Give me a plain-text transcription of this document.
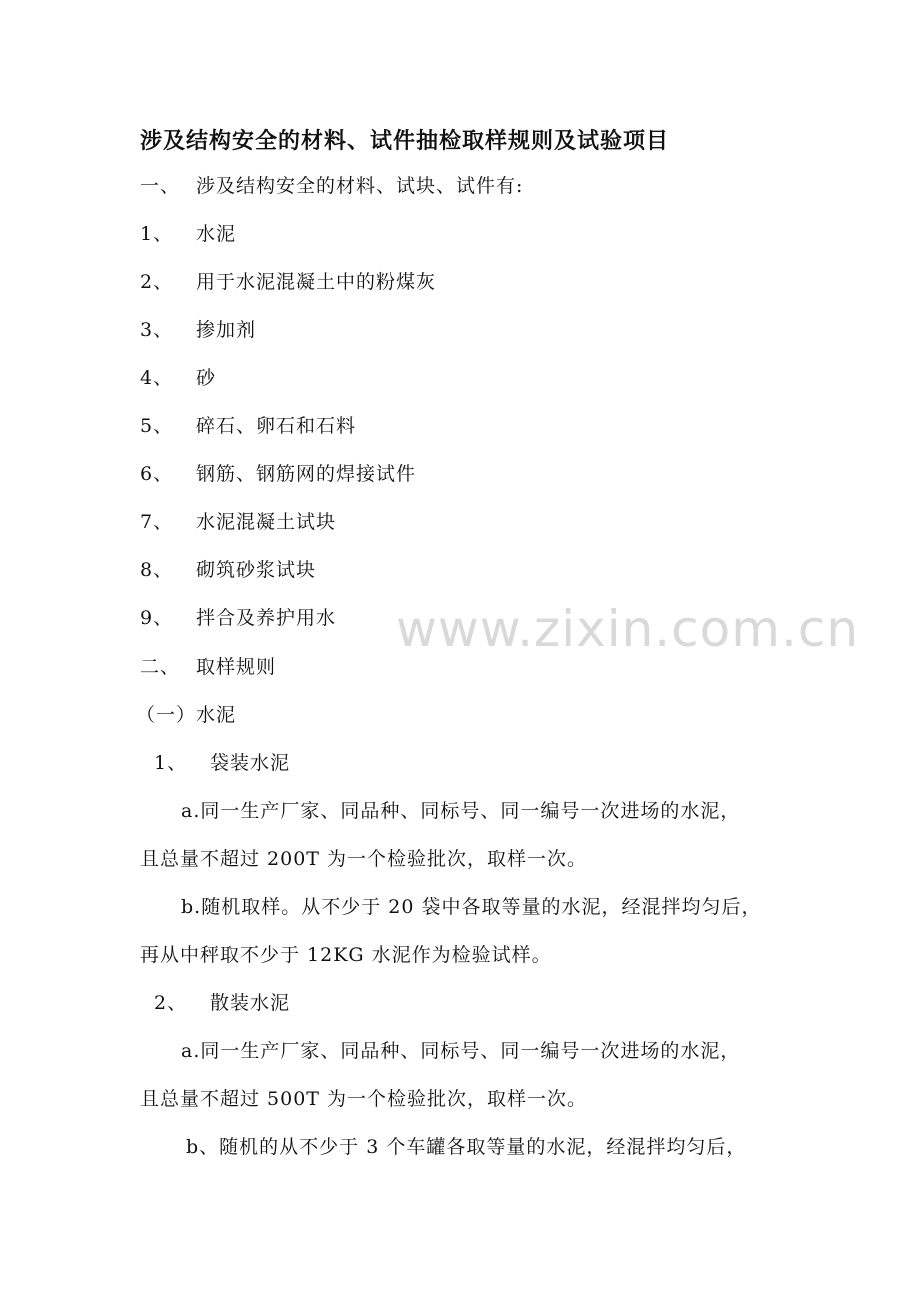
涉及结构安全的材料、试件抽检取样规则及试验项目
一、 涉及结构安全的材料、试块、试件有:
1、 水泥
2、 用于水泥混凝土中的粉煤灰
3、 掺加剂
4、 砂
5、 碎石、卵石和石料
6、 钢筋、钢筋网的焊接试件
7、 水泥混凝土试块
8、 砌筑砂浆试块
9、 拌合及养护用水
二、 取样规则
（一）水泥
1、 袋装水泥
a.同一生产厂家、同品种、同标号、同一编号一次进场的水泥，
且总量不超过 200T 为一个检验批次，取样一次。
b.随机取样。从不少于 20 袋中各取等量的水泥，经混拌均匀后，
再从中秤取不少于 12KG 水泥作为检验试样。
2、 散装水泥
a.同一生产厂家、同品种、同标号、同一编号一次进场的水泥，
且总量不超过 500T 为一个检验批次，取样一次。
b、随机的从不少于 3 个车罐各取等量的水泥，经混拌均匀后，
www.zixin.com.cn
